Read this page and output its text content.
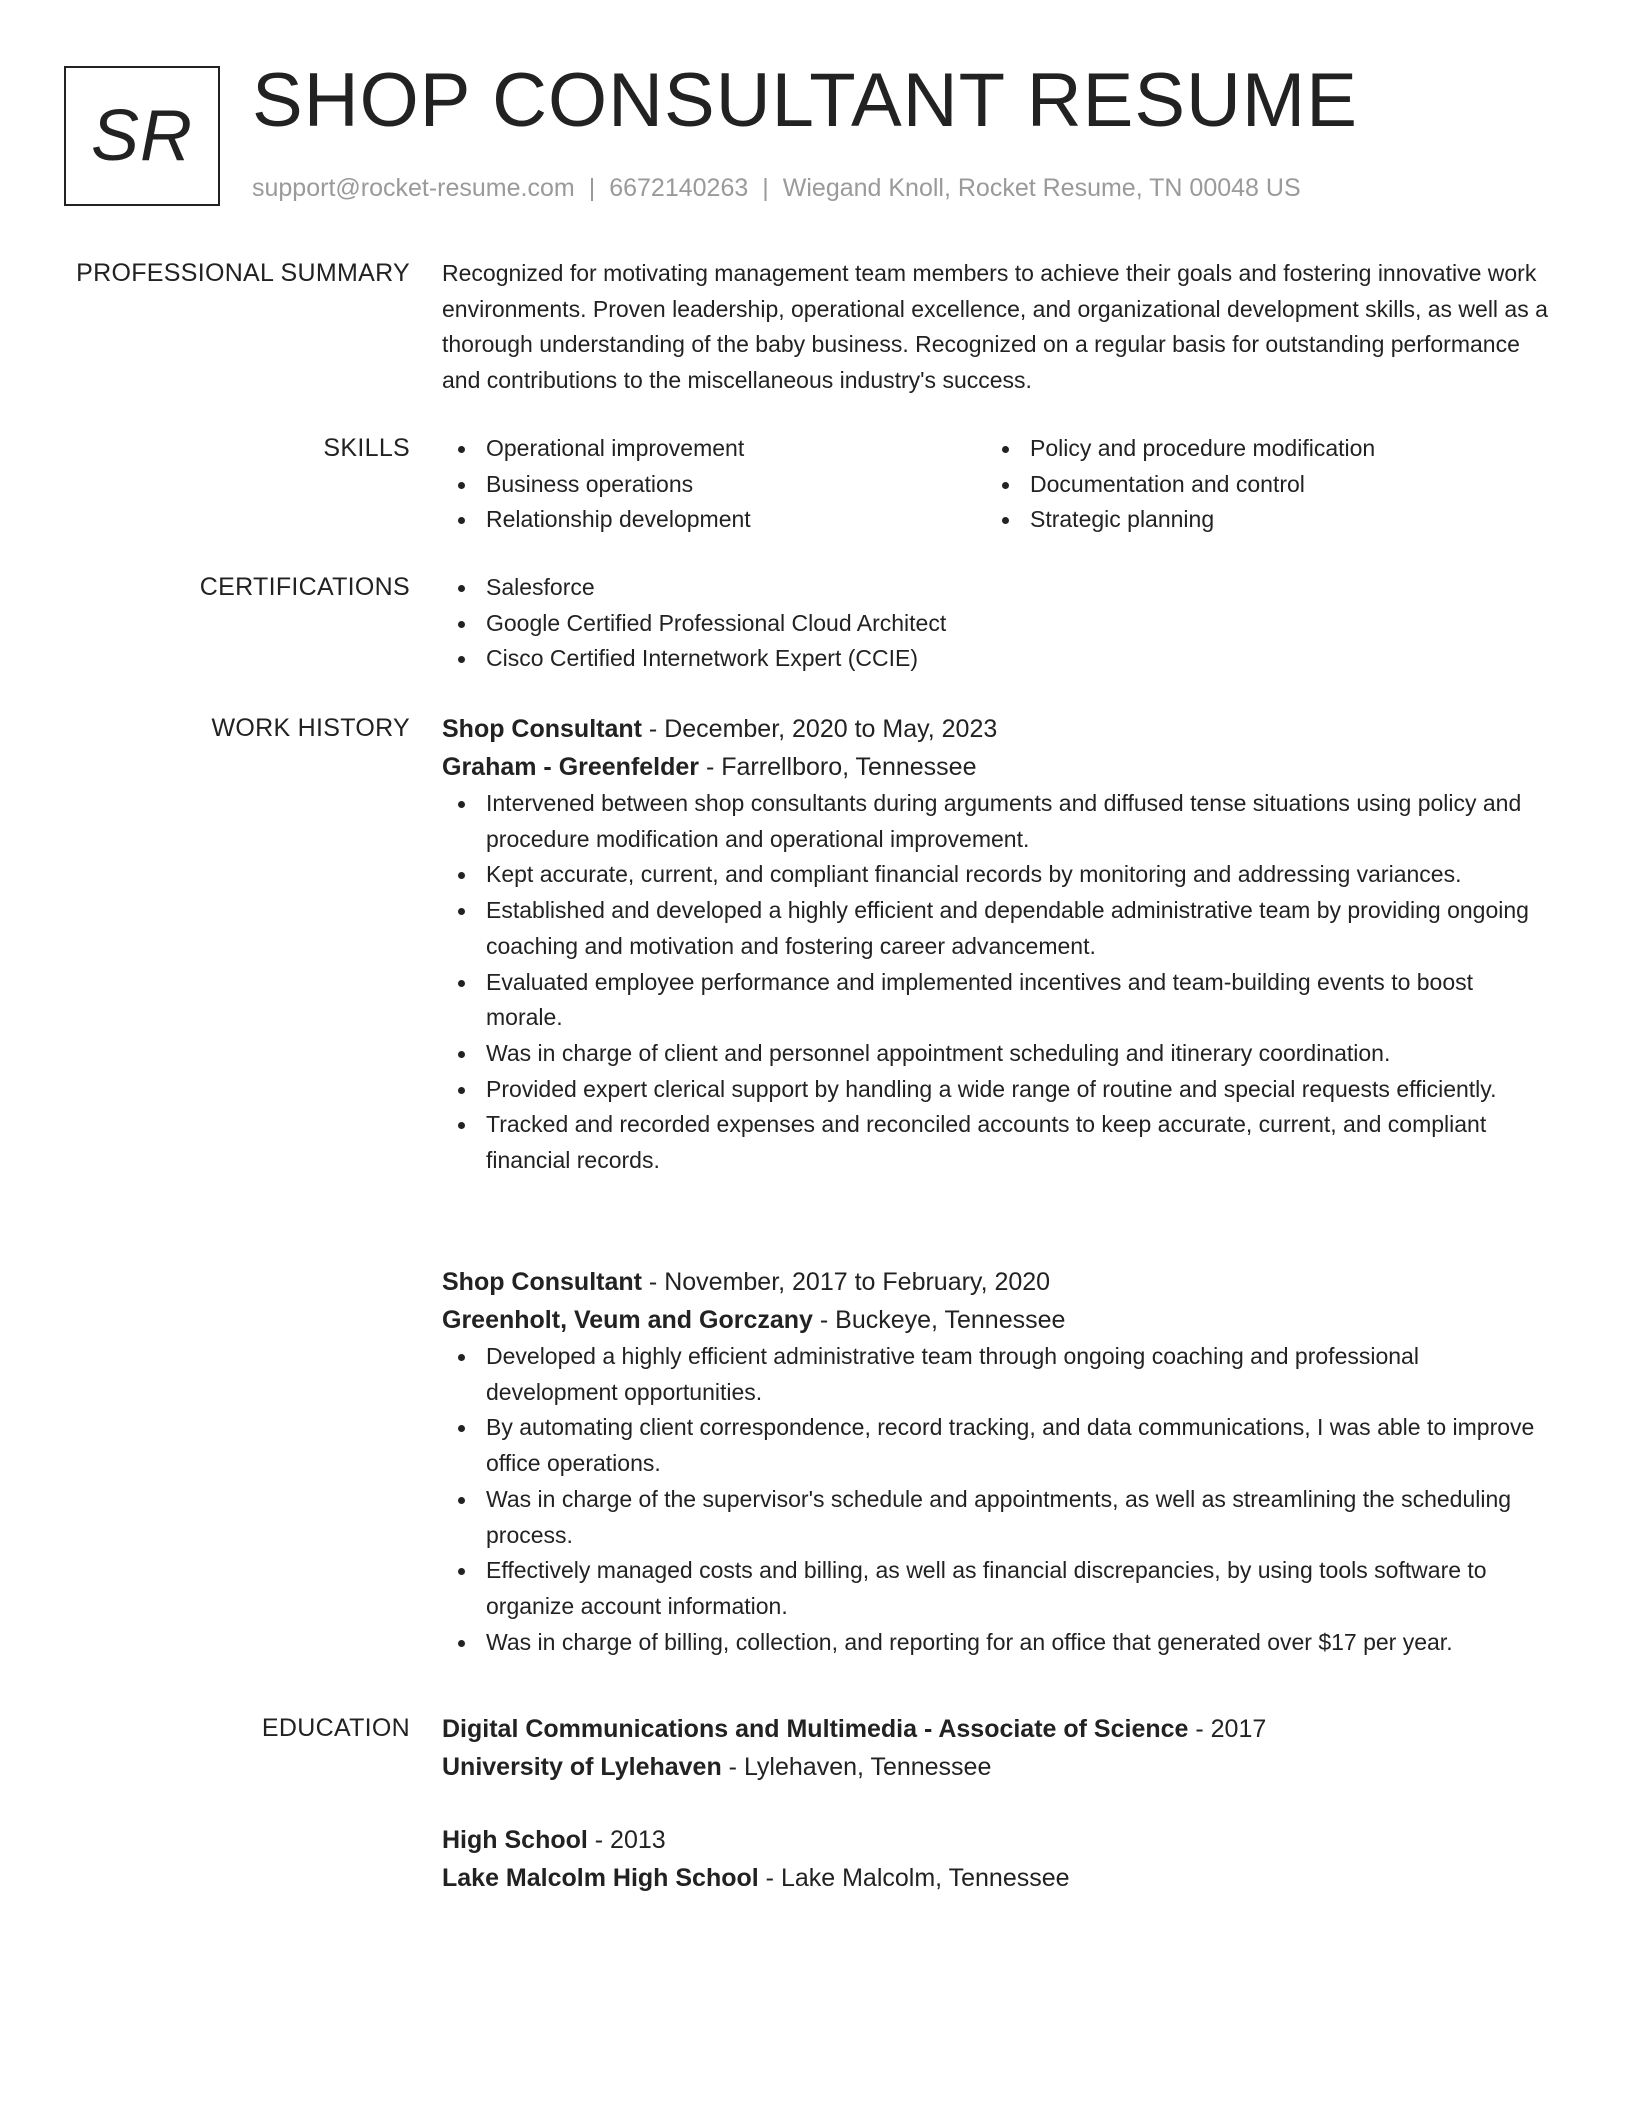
SR SHOP CONSULTANT RESUME
support@rocket-resume.com | 6672140263 | Wiegand Knoll, Rocket Resume, TN 00048 US
PROFESSIONAL SUMMARY Recognized for motivating management team members to achieve their goals and fostering innovative work environments. Proven leadership, operational excellence, and organizational development skills, as well as a thorough understanding of the baby business. Recognized on a regular basis for outstanding performance and contributions to the miscellaneous industry's success.

SKILLS	Operational improvement
Business operations
Relationship development
Policy and procedure modification
Documentation and control
Strategic planning
CERTIFICATIONS	Salesforce
Google Certified Professional Cloud Architect
Cisco Certified Internetwork Expert (CCIE)
WORK HISTORY Shop Consultant - December, 2020 to May, 2023
Graham - Greenfelder - Farrellboro, Tennessee
Intervened between shop consultants during arguments and diffused tense situations using policy and procedure modification and operational improvement.
Kept accurate, current, and compliant financial records by monitoring and addressing variances.
Established and developed a highly efficient and dependable administrative team by providing ongoing coaching and motivation and fostering career advancement.
Evaluated employee performance and implemented incentives and team-building events to boost morale.
Was in charge of client and personnel appointment scheduling and itinerary coordination.
Provided expert clerical support by handling a wide range of routine and special requests efficiently.
Tracked and recorded expenses and reconciled accounts to keep accurate, current, and compliant financial records.
Shop Consultant - November, 2017 to February, 2020
Greenholt, Veum and Gorczany - Buckeye, Tennessee
Developed a highly efficient administrative team through ongoing coaching and professional development opportunities.
By automating client correspondence, record tracking, and data communications, I was able to improve office operations.
Was in charge of the supervisor's schedule and appointments, as well as streamlining the scheduling process.
Effectively managed costs and billing, as well as financial discrepancies, by using tools software to organize account information.
Was in charge of billing, collection, and reporting for an office that generated over $17 per year.
EDUCATION Digital Communications and Multimedia - Associate of Science - 2017
University of Lylehaven - Lylehaven, Tennessee
High School - 2013
Lake Malcolm High School - Lake Malcolm, Tennessee
